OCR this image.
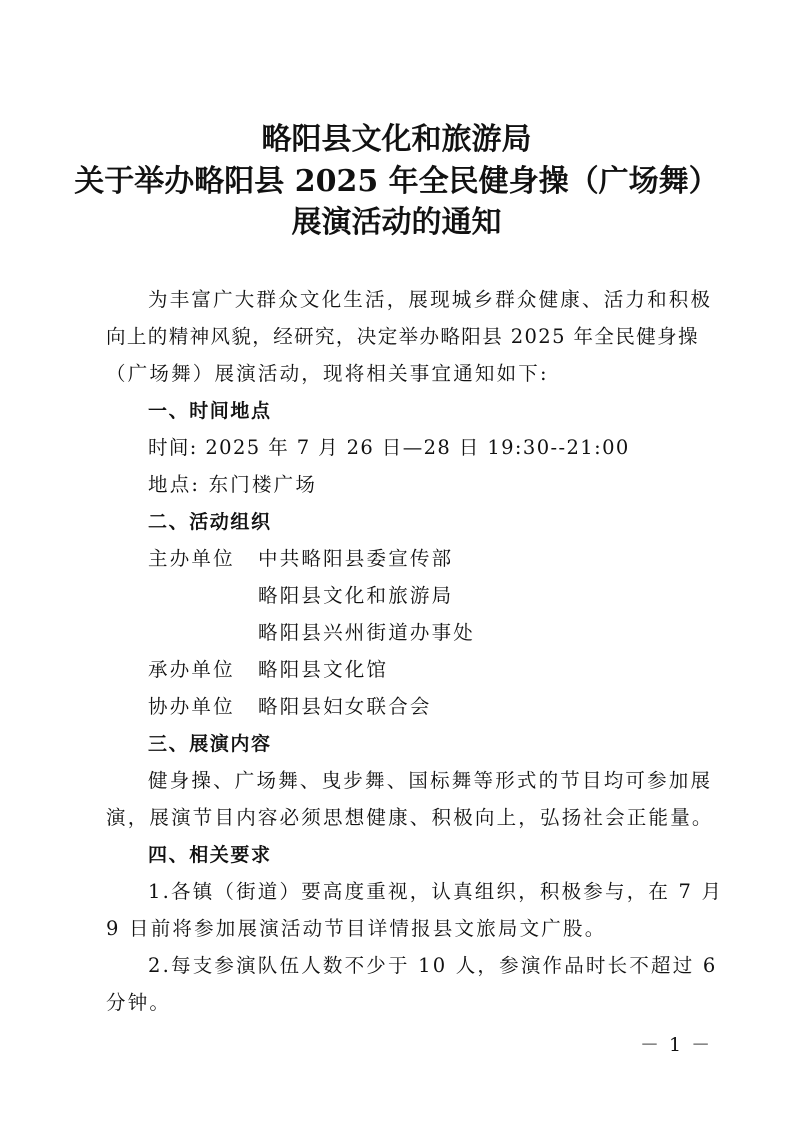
略阳县文化和旅游局
关于举办略阳县 2025 年全民健身操（广场舞）
展演活动的通知
为丰富广大群众文化生活，展现城乡群众健康、活力和积极
向上的精神风貌，经研究，决定举办略阳县 2025 年全民健身操
（广场舞）展演活动，现将相关事宜通知如下:
一、时间地点
时间: 2025 年 7 月 26 日—28 日 19:30--21:00
地点: 东门楼广场
二、活动组织
主办单位 中共略阳县委宣传部
略阳县文化和旅游局
略阳县兴州街道办事处
承办单位 略阳县文化馆
协办单位 略阳县妇女联合会
三、展演内容
健身操、广场舞、曳步舞、国标舞等形式的节目均可参加展
演，展演节目内容必须思想健康、积极向上，弘扬社会正能量。
四、相关要求
1.各镇（街道）要高度重视，认真组织，积极参与，在 7 月
9 日前将参加展演活动节目详情报县文旅局文广股。
2.每支参演队伍人数不少于 10 人，参演作品时长不超过 6
分钟。
－ 1 －
